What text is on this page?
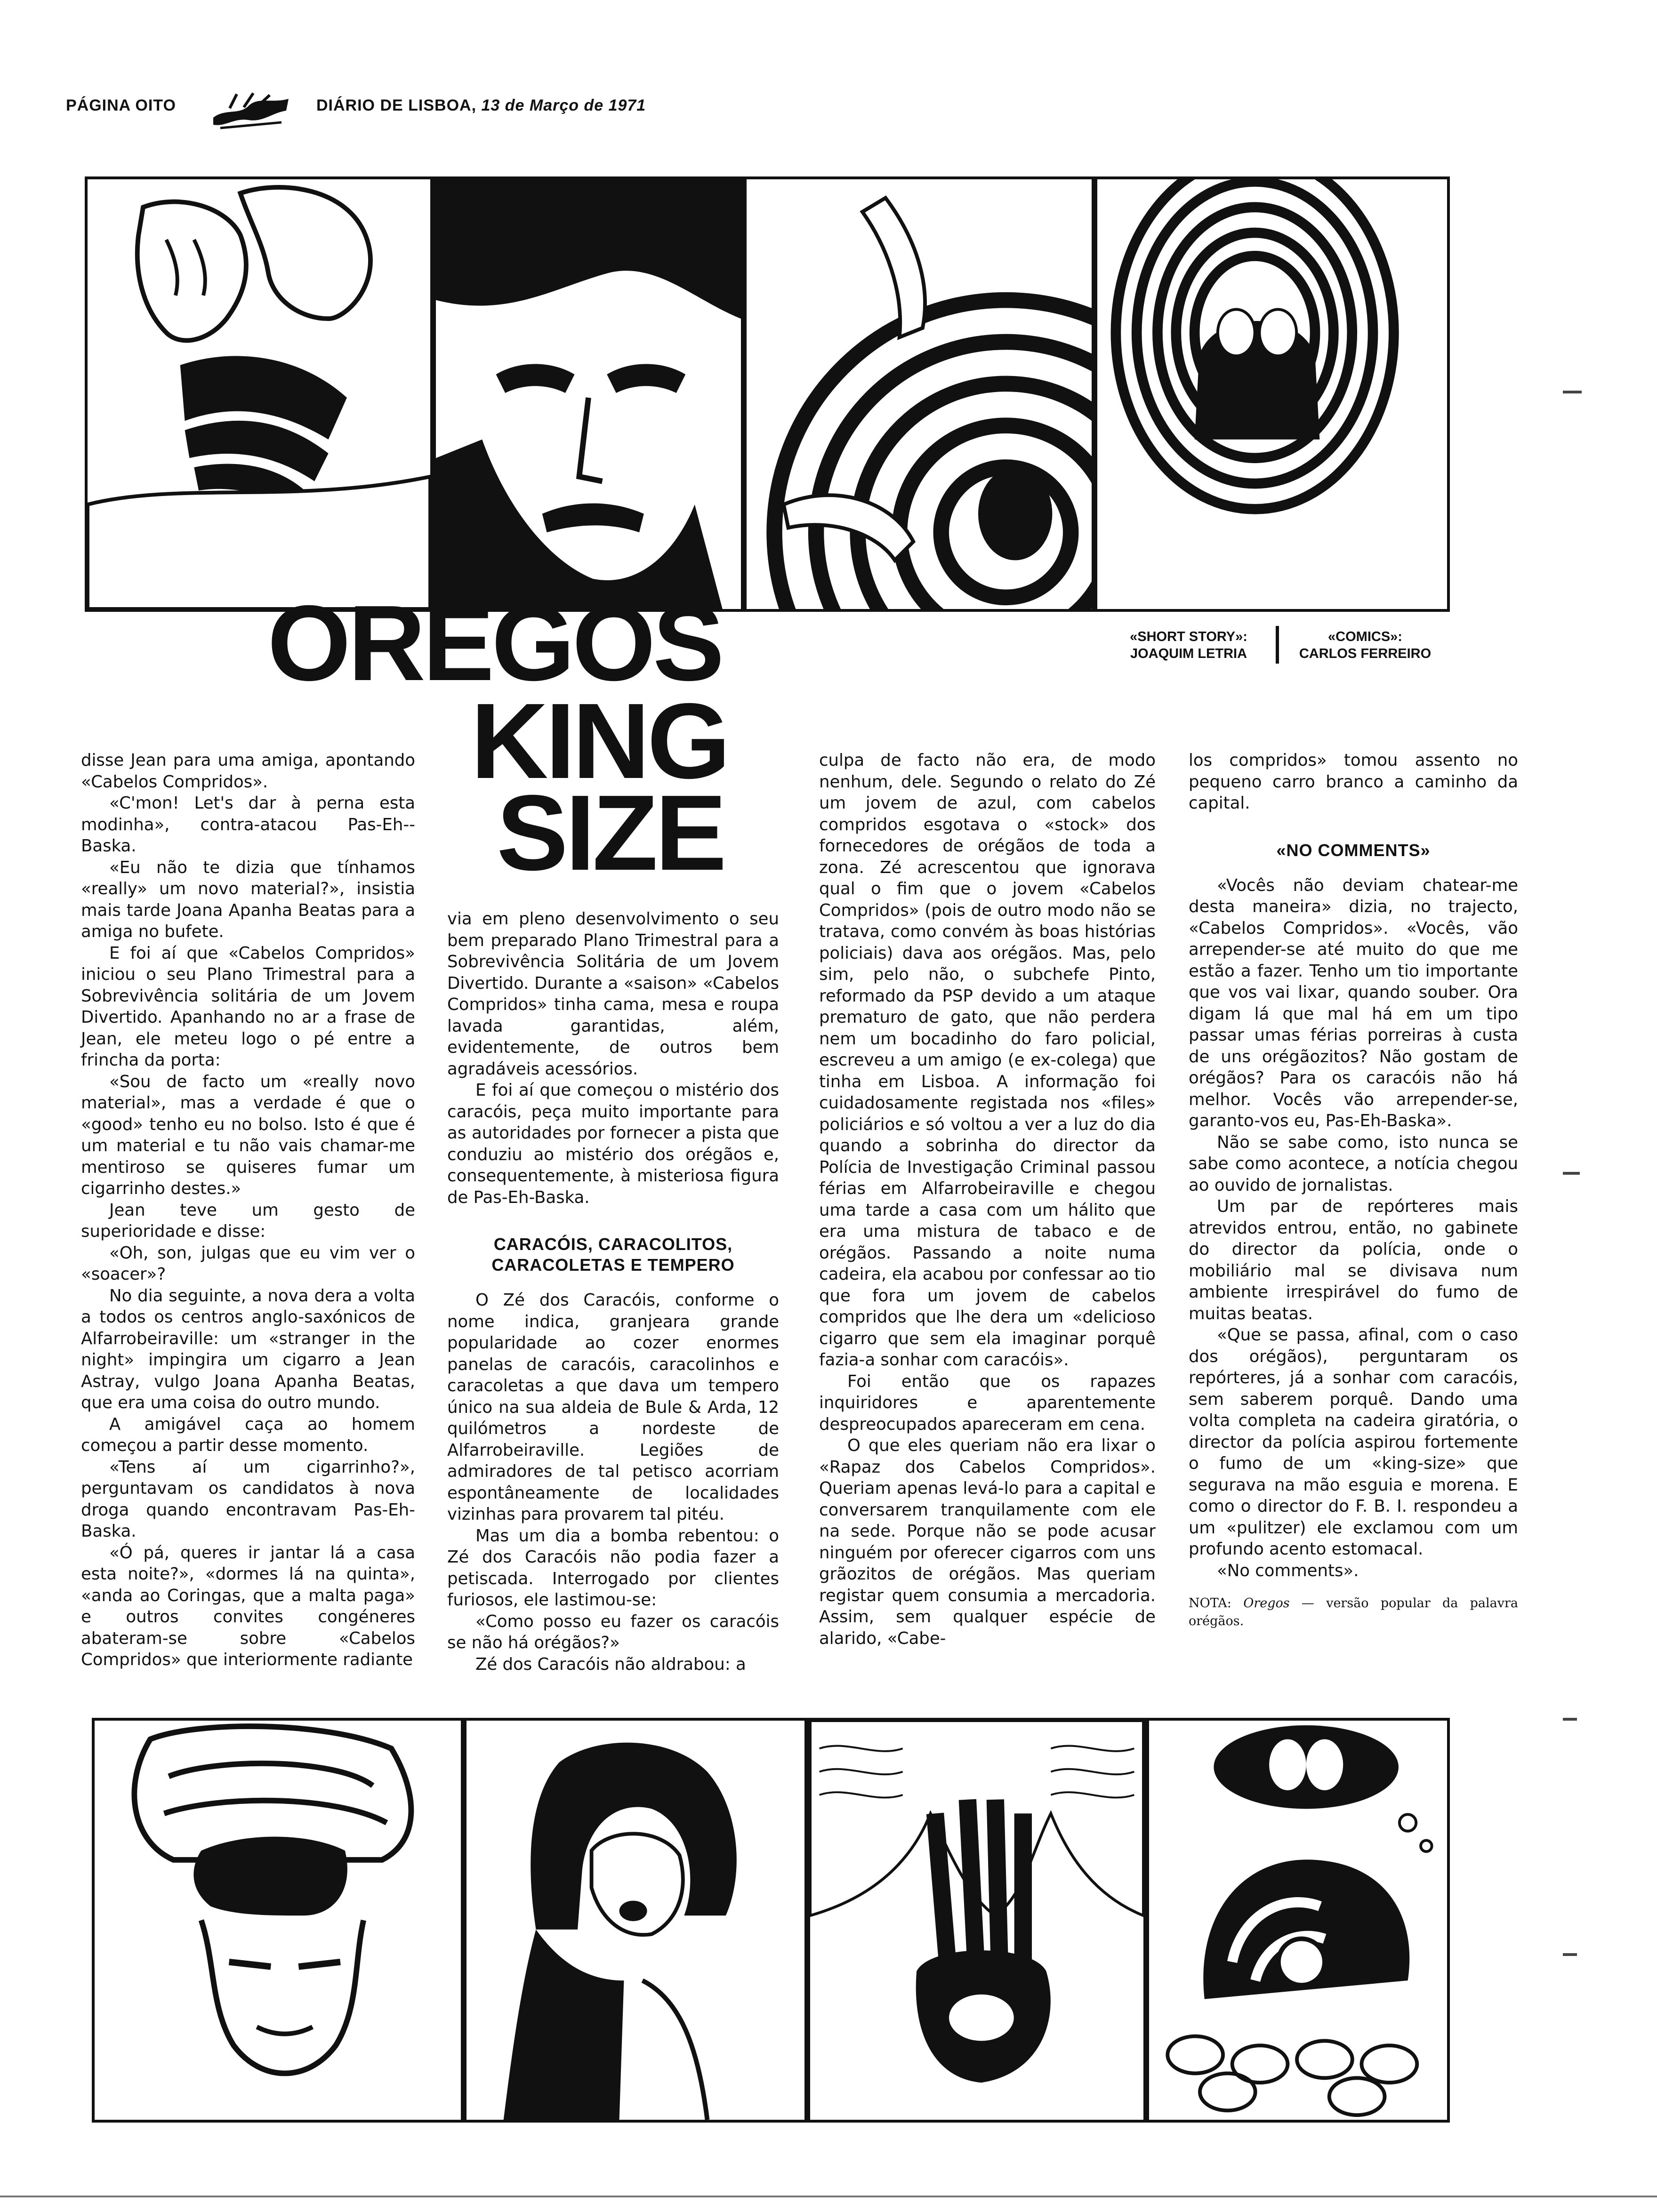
PÁGINA OITO	DIÁRIO DE LISBOA, 13 de Março de 1971
OREGOS
KING
SIZE
«SHORT STORY»:
JOAQUIM LETRIA
«COMICS»:
CARLOS FERREIRO

disse Jean para uma amiga, apontando «Cabelos Compridos».

«C'mon! Let's dar à perna esta modinha», contra-atacou Pas-Eh--Baska.

«Eu não te dizia que tínhamos «really» um novo material?», insistia mais tarde Joana Apanha Beatas para a amiga no bufete.

E foi aí que «Cabelos Compridos» iniciou o seu Plano Trimestral para a Sobrevivência solitária de um Jovem Divertido. Apanhando no ar a frase de Jean, ele meteu logo o pé entre a frincha da porta:

«Sou de facto um «really novo material», mas a verdade é que o «good» tenho eu no bolso. Isto é que é um material e tu não vais chamar-me mentiroso se quiseres fumar um cigarrinho destes.»

Jean teve um gesto de superioridade e disse:

«Oh, son, julgas que eu vim ver o «soacer»?

No dia seguinte, a nova dera a volta a todos os centros anglo-saxónicos de Alfarrobeiraville: um «stranger in the night» impingira um cigarro a Jean Astray, vulgo Joana Apanha Beatas, que era uma coisa do outro mundo.

A amigável caça ao homem começou a partir desse momento.

«Tens aí um cigarrinho?», perguntavam os candidatos à nova droga quando encontravam Pas-Eh-Baska.

«Ó pá, queres ir jantar lá a casa esta noite?», «dormes lá na quinta», «anda ao Coringas, que a malta paga» e outros convites congéneres abateram-se sobre «Cabelos Compridos» que interiormente radiante

via em pleno desenvolvimento o seu bem preparado Plano Trimestral para a Sobrevivência Solitária de um Jovem Divertido. Durante a «saison» «Cabelos Compridos» tinha cama, mesa e roupa lavada garantidas, além, evidentemente, de outros bem agradáveis acessórios.

E foi aí que começou o mistério dos caracóis, peça muito importante para as autoridades por fornecer a pista que conduziu ao mistério dos orégãos e, consequentemente, à misteriosa figura de Pas-Eh-Baska.

CARACÓIS, CARACOLITOS, CARACOLETAS E TEMPERO

O Zé dos Caracóis, conforme o nome indica, granjeara grande popularidade ao cozer enormes panelas de caracóis, caracolinhos e caracoletas a que dava um tempero único na sua aldeia de Bule & Arda, 12 quilómetros a nordeste de Alfarrobeiraville. Legiões de admiradores de tal petisco acorriam espontâneamente de localidades vizinhas para provarem tal pitéu.

Mas um dia a bomba rebentou: o Zé dos Caracóis não podia fazer a petiscada. Interrogado por clientes furiosos, ele lastimou-se:

«Como posso eu fazer os caracóis se não há orégãos?»

Zé dos Caracóis não aldrabou: a

culpa de facto não era, de modo nenhum, dele. Segundo o relato do Zé um jovem de azul, com cabelos compridos esgotava o «stock» dos fornecedores de orégãos de toda a zona. Zé acrescentou que ignorava qual o fim que o jovem «Cabelos Compridos» (pois de outro modo não se tratava, como convém às boas histórias policiais) dava aos orégãos. Mas, pelo sim, pelo não, o subchefe Pinto, reformado da PSP devido a um ataque prematuro de gato, que não perdera nem um bocadinho do faro policial, escreveu a um amigo (e ex-colega) que tinha em Lisboa. A informação foi cuidadosamente registada nos «files» policiários e só voltou a ver a luz do dia quando a sobrinha do director da Polícia de Investigação Criminal passou férias em Alfarrobeiraville e chegou uma tarde a casa com um hálito que era uma mistura de tabaco e de orégãos. Passando a noite numa cadeira, ela acabou por confessar ao tio que fora um jovem de cabelos compridos que lhe dera um «delicioso cigarro que sem ela imaginar porquê fazia-a sonhar com caracóis».

Foi então que os rapazes inquiridores e aparentemente despreocupados apareceram em cena.

O que eles queriam não era lixar o «Rapaz dos Cabelos Compridos». Queriam apenas levá-lo para a capital e conversarem tranquilamente com ele na sede. Porque não se pode acusar ninguém por oferecer cigarros com uns grãozitos de orégãos. Mas queriam registar quem consumia a mercadoria. Assim, sem qualquer espécie de alarido, «Cabe-

los compridos» tomou assento no pequeno carro branco a caminho da capital.

«NO COMMENTS»

«Vocês não deviam chatear-me desta maneira» dizia, no trajecto, «Cabelos Compridos». «Vocês, vão arrepender-se até muito do que me estão a fazer. Tenho um tio importante que vos vai lixar, quando souber. Ora digam lá que mal há em um tipo passar umas férias porreiras à custa de uns orégãozitos? Não gostam de orégãos? Para os caracóis não há melhor. Vocês vão arrepender-se, garanto-vos eu, Pas-Eh-Baska».

Não se sabe como, isto nunca se sabe como acontece, a notícia chegou ao ouvido de jornalistas.

Um par de repórteres mais atrevidos entrou, então, no gabinete do director da polícia, onde o mobiliário mal se divisava num ambiente irrespirável do fumo de muitas beatas.

«Que se passa, afinal, com o caso dos orégãos), perguntaram os repórteres, já a sonhar com caracóis, sem saberem porquê. Dando uma volta completa na cadeira giratória, o director da polícia aspirou fortemente o fumo de um «king-size» que segurava na mão esguia e morena. E como o director do F. B. I. respondeu a um «pulitzer) ele exclamou com um profundo acento estomacal.

«No comments».

NOTA: Oregos — versão popular da palavra orégãos.
